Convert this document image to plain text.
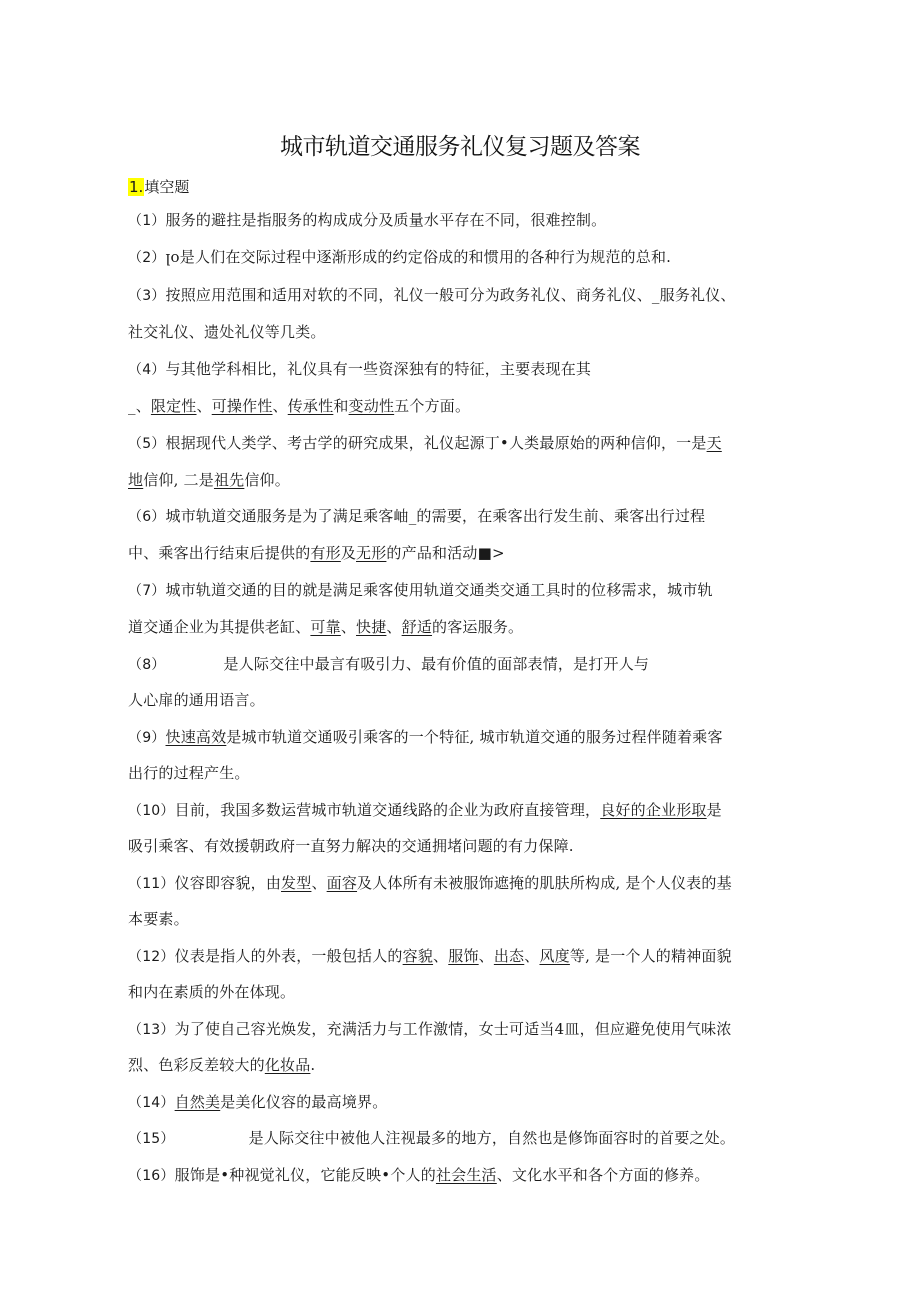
城市轨道交通服务礼仪复习题及答案
1.填空题
（1）服务的避拄是指服务的构成成分及质量水平存在不同，很难控制。
（2）ꞁo是人们在交际过程中逐渐形成的约定俗成的和惯用的各种行为规范的总和.
（3）按照应用范围和适用对软的不同，礼仪一般可分为政务礼仪、商务礼仪、_服务礼仪、
社交礼仪、遗处礼仪等几类。
（4）与其他学科相比，礼仪具有一些资深独有的特征，主要表现在其
_、限定性、可操作性、传承性和变动性五个方面。
（5）根据现代人类学、考古学的研究成果，礼仪起源丁•人类最原始的两种信仰，一是天
地信仰, 二是祖先信仰。
（6）城市轨道交通服务是为了满足乘客岫_的需要，在乘客出行发生前、乘客出行过程
中、乘客出行结束后提供的有形及无形的产品和活动■>
（7）城市轨道交通的目的就是满足乘客使用轨道交通类交通工具时的位移需求，城市轨
道交通企业为其提供老缸、可靠、快捷、舒适的客运服务。
（8）	是人际交往中最言有吸引力、最有价值的面部表情，是打开人与
人心扉的通用语言。
（9）快速高效是城市轨道交通吸引乘客的一个特征, 城市轨道交通的服务过程伴随着乘客
出行的过程产生。
（10）目前，我国多数运营城市轨道交通线路的企业为政府直接管理，良好的企业形取是
吸引乘客、有效援朝政府一直努力解决的交通拥堵问题的有力保障.
（11）仪容即容貌，由发型、面容及人体所有未被服饰遮掩的肌肤所构成, 是个人仪表的基
本要素。
（12）仪表是指人的外表，一般包括人的容貌、服饰、出态、风度等, 是一个人的精神面貌
和内在素质的外在体现。
（13）为了使自己容光焕发，充满活力与工作激情，女士可适当4皿，但应避免使用气味浓
烈、色彩反差较大的化妆品.
（14）自然美是美化仪容的最高境界。
（15）	是人际交往中被他人注视最多的地方，自然也是修饰面容时的首要之处。
（16）服饰是•种视觉礼仪，它能反映•个人的社会生活、文化水平和各个方面的修养。
